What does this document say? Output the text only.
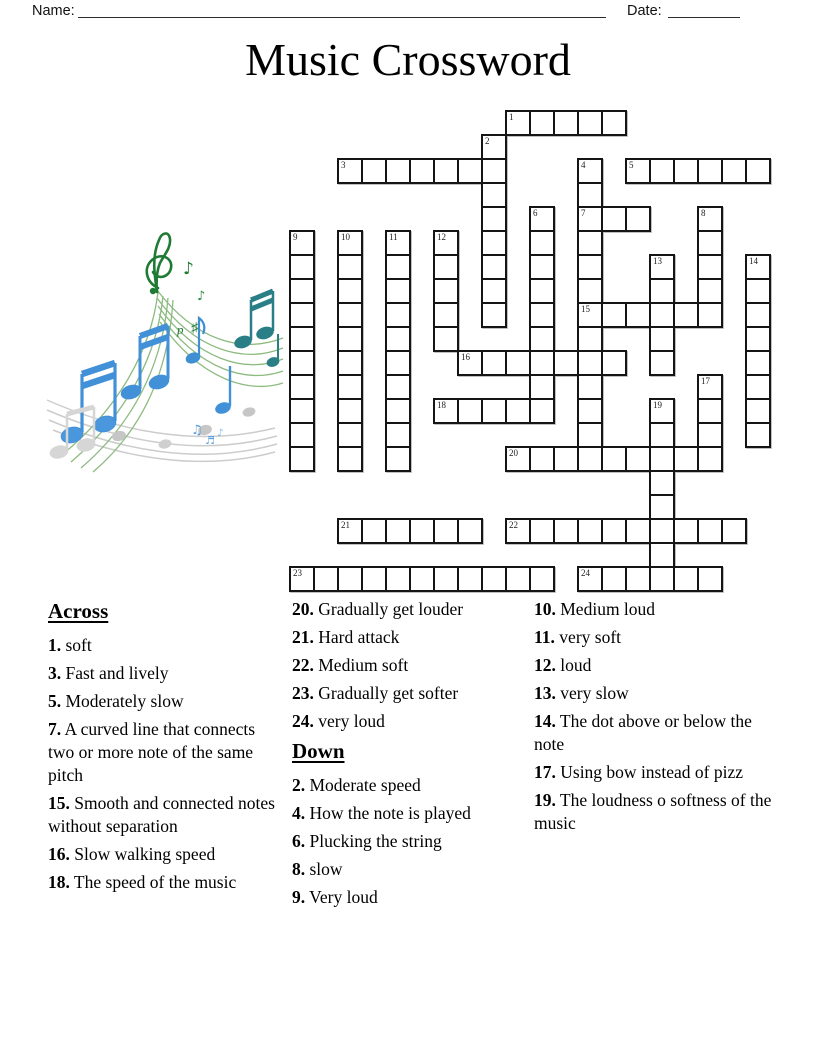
Name:	Date:
Music Crossword
1
2
3	4
7
15
5
6	8
9	10	11	12
13	14
16
17
18	19
20
21	22
23	24
♪
♪
♯
p
♫
♬
♪
Across

1. soft

3. Fast and lively

5. Moderately slow

7. A curved line that connects two or more note of the same pitch

15. Smooth and connected notes without separation

16. Slow walking speed

18. The speed of the music

20. Gradually get louder

21. Hard attack

22. Medium soft

23. Gradually get softer

24. very loud

Down

2. Moderate speed

4. How the note is played

6. Plucking the string

8. slow

9. Very loud

10. Medium loud

11. very soft

12. loud

13. very slow

14. The dot above or below the note

17. Using bow instead of pizz

19. The loudness o softness of the music
